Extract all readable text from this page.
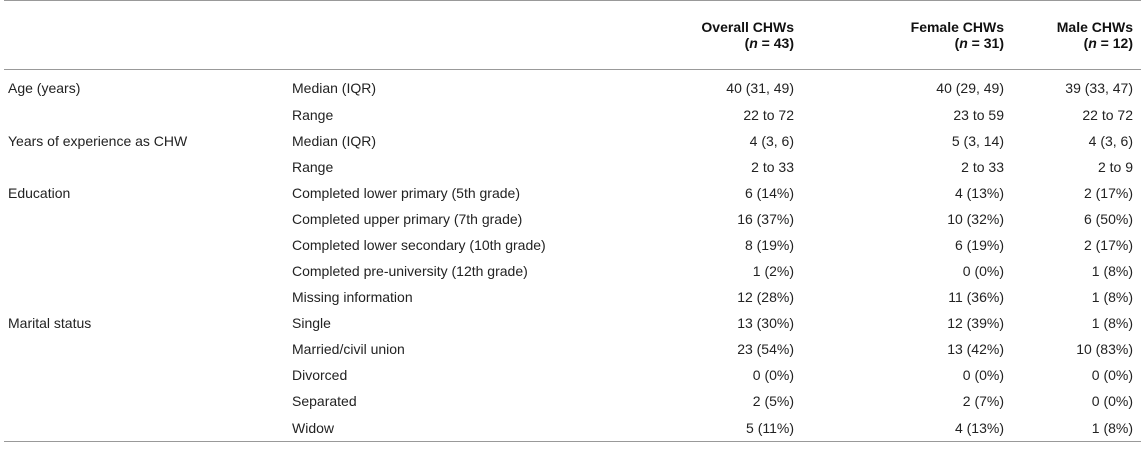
		Overall CHWs	Female CHWs	Male CHWs
		(n = 43)	(n = 31)	(n = 12)
Age (years)	Median (IQR)	40 (31, 49)	40 (29, 49)	39 (33, 47)
	Range	22 to 72	23 to 59	22 to 72
Years of experience as CHW	Median (IQR)	4 (3, 6)	5 (3, 14)	4 (3, 6)
	Range	2 to 33	2 to 33	2 to 9
Education	Completed lower primary (5th grade)	6 (14%)	4 (13%)	2 (17%)
	Completed upper primary (7th grade)	16 (37%)	10 (32%)	6 (50%)
	Completed lower secondary (10th grade)	8 (19%)	6 (19%)	2 (17%)
	Completed pre-university (12th grade)	1 (2%)	0 (0%)	1 (8%)
	Missing information	12 (28%)	11 (36%)	1 (8%)
Marital status	Single	13 (30%)	12 (39%)	1 (8%)
	Married/civil union	23 (54%)	13 (42%)	10 (83%)
	Divorced	0 (0%)	0 (0%)	0 (0%)
	Separated	2 (5%)	2 (7%)	0 (0%)
	Widow	5 (11%)	4 (13%)	1 (8%)
